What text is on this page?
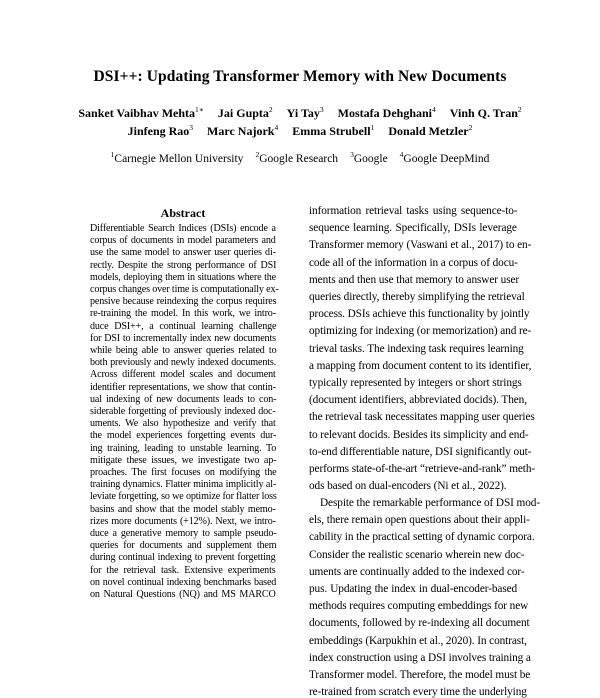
DSI++: Updating Transformer Memory with New Documents
Sanket Vaibhav Mehta$^{1∗}$ Jai Gupta$^2$ Yi Tay$^3$ Mostafa Dehghani$^4$ Vinh Q. Tran$^2$
Jinfeng Rao$^3$ Marc Najork$^4$ Emma Strubell$^1$ Donald Metzler$^2$
$^1$Carnegie Mellon University $^2$Google Research $^3$Google $^4$Google DeepMind
Abstract
Differentiable Search Indices (DSIs) encode a
corpus of documents in model parameters and
use the same model to answer user queries di-
rectly. Despite the strong performance of DSI
models, deploying them in situations where the
corpus changes over time is computationally ex-
pensive because reindexing the corpus requires
re-training the model. In this work, we intro-
duce DSI++, a continual learning challenge
for DSI to incrementally index new documents
while being able to answer queries related to
both previously and newly indexed documents.
Across different model scales and document
identifier representations, we show that contin-
ual indexing of new documents leads to con-
siderable forgetting of previously indexed doc-
uments. We also hypothesize and verify that
the model experiences forgetting events dur-
ing training, leading to unstable learning. To
mitigate these issues, we investigate two ap-
proaches. The first focuses on modifying the
training dynamics. Flatter minima implicitly al-
leviate forgetting, so we optimize for flatter loss
basins and show that the model stably memo-
rizes more documents (+12%). Next, we intro-
duce a generative memory to sample pseudo-
queries for documents and supplement them
during continual indexing to prevent forgetting
for the retrieval task. Extensive experiments
on novel continual indexing benchmarks based
on Natural Questions (NQ) and MS MARCO
information retrieval tasks using sequence-to-
sequence learning. Specifically, DSIs leverage
Transformer memory (Vaswani et al., 2017) to en-
code all of the information in a corpus of docu-
ments and then use that memory to answer user
queries directly, thereby simplifying the retrieval
process. DSIs achieve this functionality by jointly
optimizing for indexing (or memorization) and re-
trieval tasks. The indexing task requires learning
a mapping from document content to its identifier,
typically represented by integers or short strings
(document identifiers, abbreviated docids). Then,
the retrieval task necessitates mapping user queries
to relevant docids. Besides its simplicity and end-
to-end differentiable nature, DSI significantly out-
performs state-of-the-art “retrieve-and-rank” meth-
ods based on dual-encoders (Ni et al., 2022).
Despite the remarkable performance of DSI mod-
els, there remain open questions about their appli-
cability in the practical setting of dynamic corpora.
Consider the realistic scenario wherein new doc-
uments are continually added to the indexed cor-
pus. Updating the index in dual-encoder-based
methods requires computing embeddings for new
documents, followed by re-indexing all document
embeddings (Karpukhin et al., 2020). In contrast,
index construction using a DSI involves training a
Transformer model. Therefore, the model must be
re-trained from scratch every time the underlying
